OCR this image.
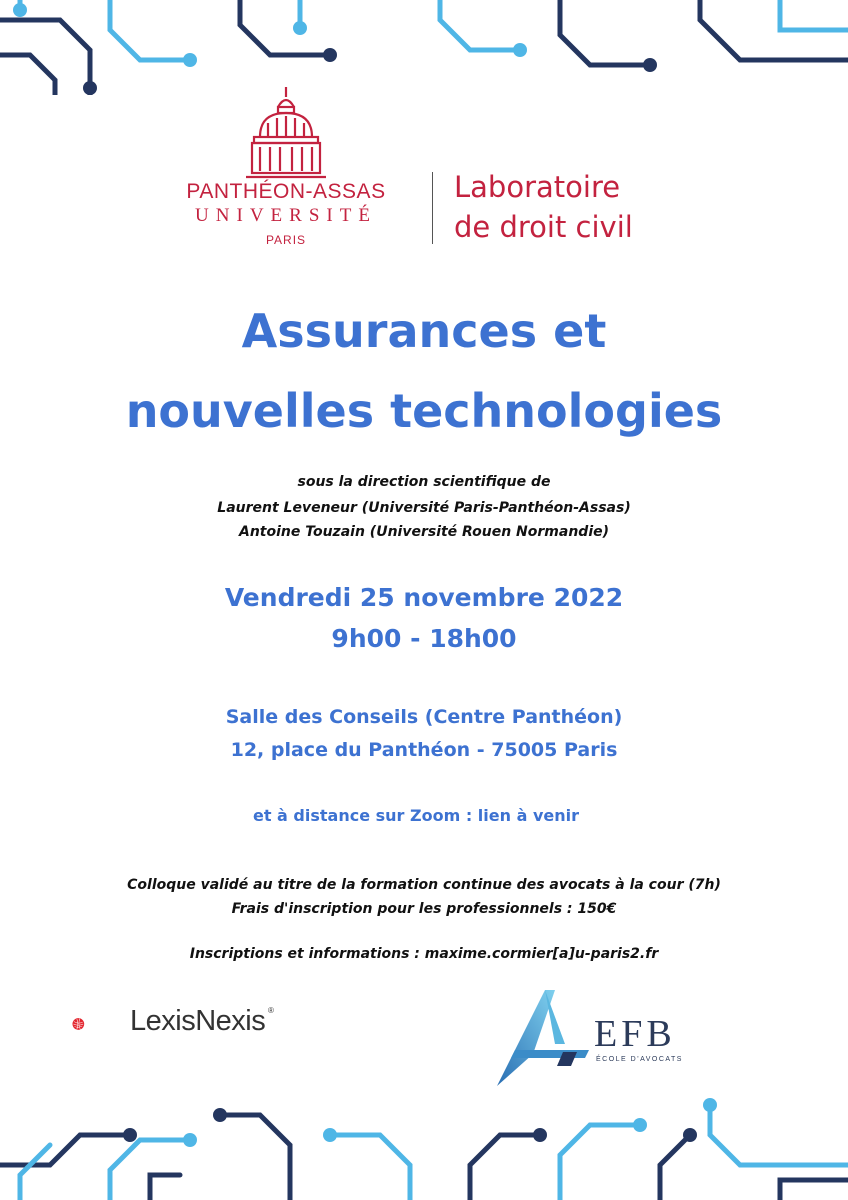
PANTHÉON-ASSAS
UNIVERSITÉ
PARIS
Laboratoire
de droit civil
Assurances et
nouvelles technologies
sous la direction scientifique de
Laurent Leveneur (Université Paris-Panthéon-Assas)
Antoine Touzain (Université Rouen Normandie)
Vendredi 25 novembre 2022
9h00 - 18h00
Salle des Conseils (Centre Panthéon)
12, place du Panthéon - 75005 Paris
et à distance sur Zoom : lien à venir
Colloque validé au titre de la formation continue des avocats à la cour (7h)
Frais d'inscription pour les professionnels : 150€
Inscriptions et informations : maxime.cormier[a]u-paris2.fr
LexisNexis ®
EFB
ÉCOLE D'AVOCATS
